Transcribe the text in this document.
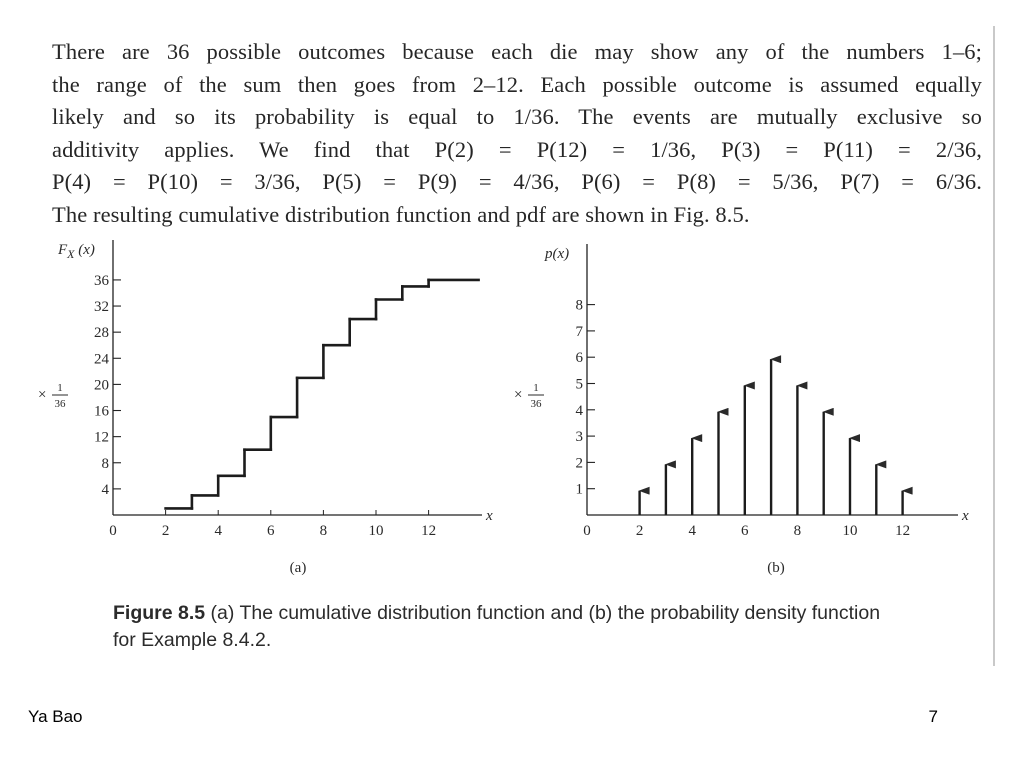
There are 36 possible outcomes because each die may show any of the numbers 1–6;
the range of the sum then goes from 2–12. Each possible outcome is assumed equally
likely and so its probability is equal to 1/36. The events are mutually exclusive so
additivity applies. We find that P(2) = P(12) = 1/36, P(3) = P(11) = 2/36,
P(4) = P(10) = 3/36, P(5) = P(9) = 4/36, P(6) = P(8) = 5/36, P(7) = 6/36.
The resulting cumulative distribution function and pdf are shown in Fig. 8.5.
4
8
12
16
20
24
28
32
36
0	2	4	6	8	10	12
x
$F_X$ (x)
× 1
36
(a)
1
2
3
4
5
6
7
8
0	2	4	6	8	10	12
x
p(x)
× 1
36
(b)

Figure 8.5 (a) The cumulative distribution function and (b) the probability density function for Example 8.4.2.

Ya Bao	7
